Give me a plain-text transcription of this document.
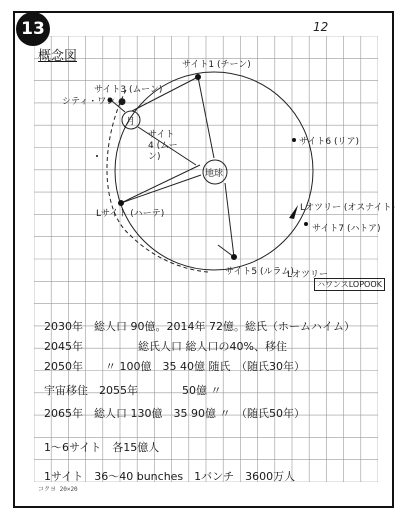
13	12
概念図
サイト1 (チーン)
シティ・ワン ●
サイト3 (ムーン)
月
サイト4 (ムーン)
地球
サイト6 (リア)
Lサイト (ハーテ)
Lオツリー (オスナイト)
サイト7 (ハトア)
サイト5 (ルラム)
Lオツリー
ハワンスLOPOOK
2030年　総人口 90億。2014年 72億。総氏（ホームハイム）
2045年　　　　　総氏人口 総人口の40%、移住
2050年　　〃 100億　35 40億 随氏　（随氏30年）
宇宙移住　2055年　　　　50億 〃
2065年　総人口 130億　35 90億 〃　（随氏50年）
1～6サイト　各15億人
1サイト　36～40 bunches　1バンチ　3600万人
コクヨ 20×20
